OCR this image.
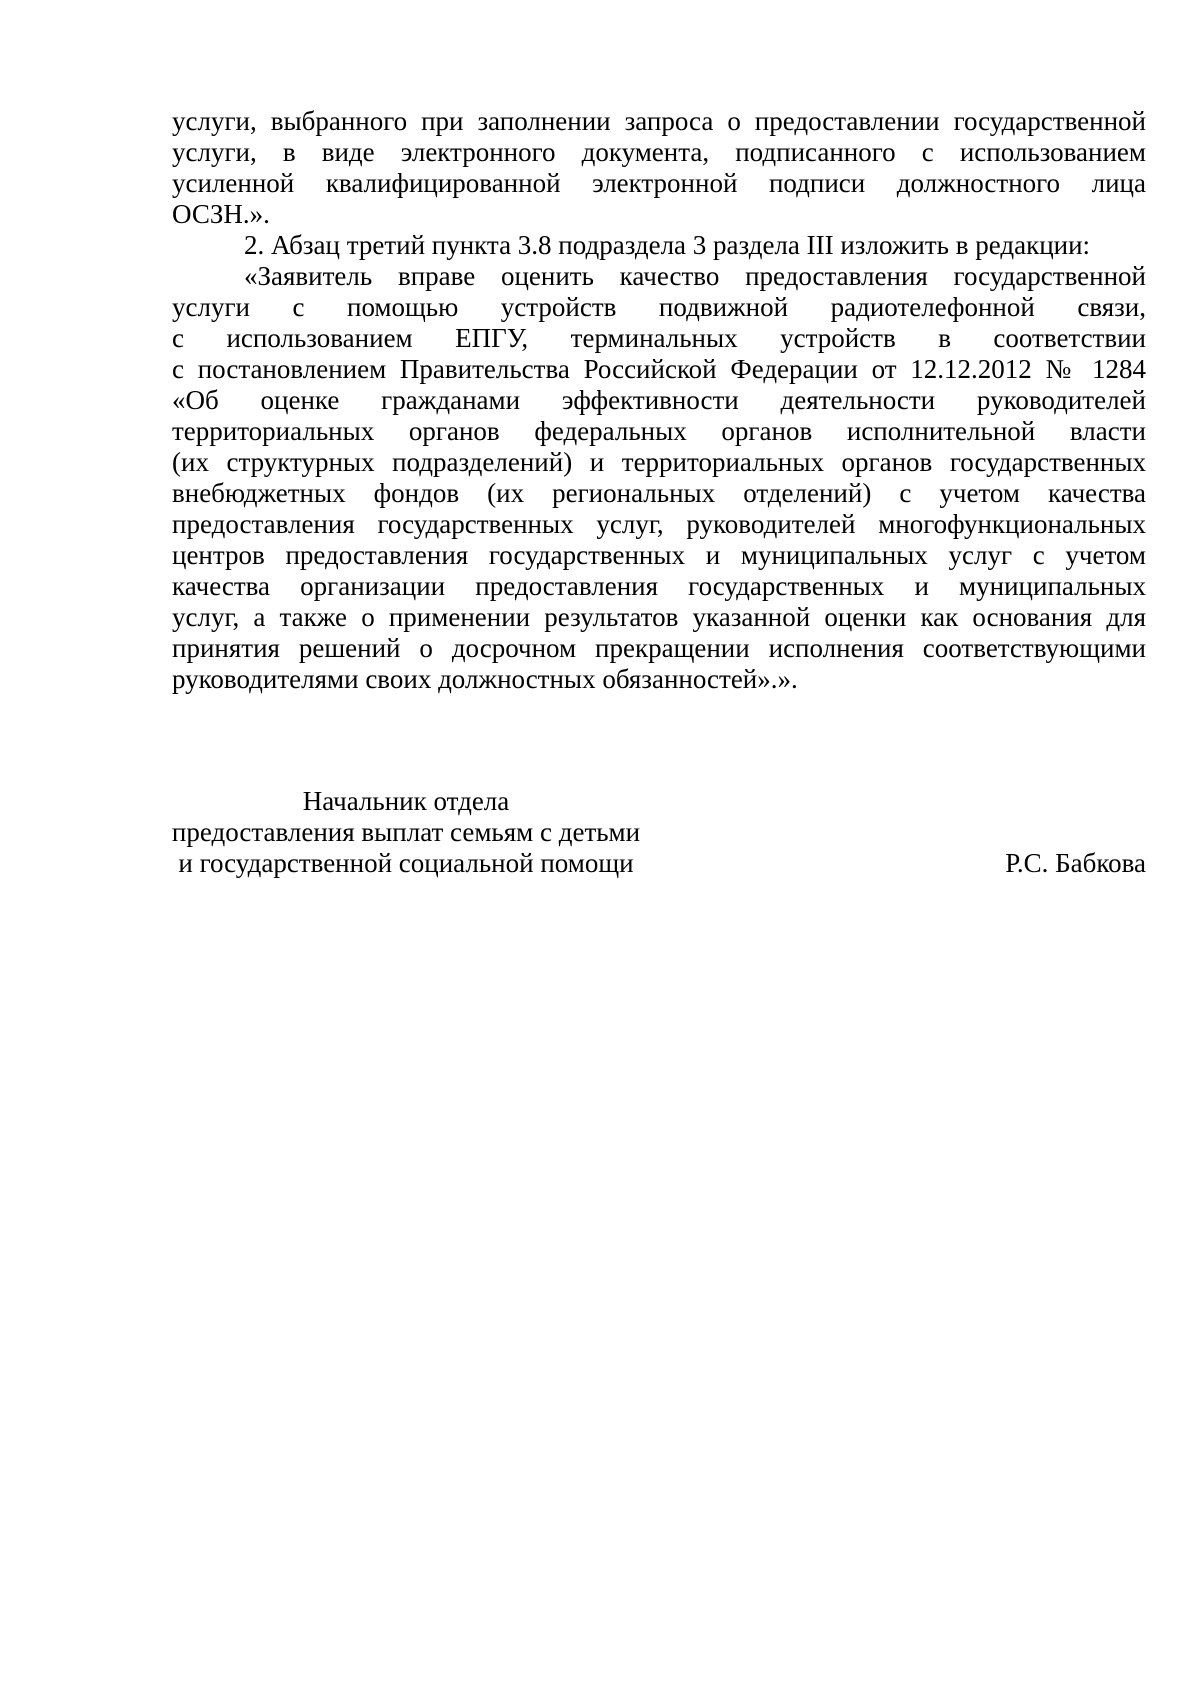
услуги, выбранного при заполнении запроса о предоставлении государственной
услуги, в виде электронного документа, подписанного с использованием
усиленной квалифицированной электронной подписи должностного лица
ОСЗН.».
2. Абзац третий пункта 3.8 подраздела 3 раздела III изложить в редакции:
«Заявитель вправе оценить качество предоставления государственной
услуги с помощью устройств подвижной радиотелефонной связи,
с использованием ЕПГУ, терминальных устройств в соответствии
с постановлением Правительства Российской Федерации от 12.12.2012 № 1284
«Об оценке гражданами эффективности деятельности руководителей
территориальных органов федеральных органов исполнительной власти
(их структурных подразделений) и территориальных органов государственных
внебюджетных фондов (их региональных отделений) с учетом качества
предоставления государственных услуг, руководителей многофункциональных
центров предоставления государственных и муниципальных услуг с учетом
качества организации предоставления государственных и муниципальных
услуг, а также о применении результатов указанной оценки как основания для
принятия решений о досрочном прекращении исполнения соответствующими
руководителями своих должностных обязанностей».».
Начальник отдела
предоставления выплат семьям с детьми
и государственной социальной помощи	Р.С. Бабкова
